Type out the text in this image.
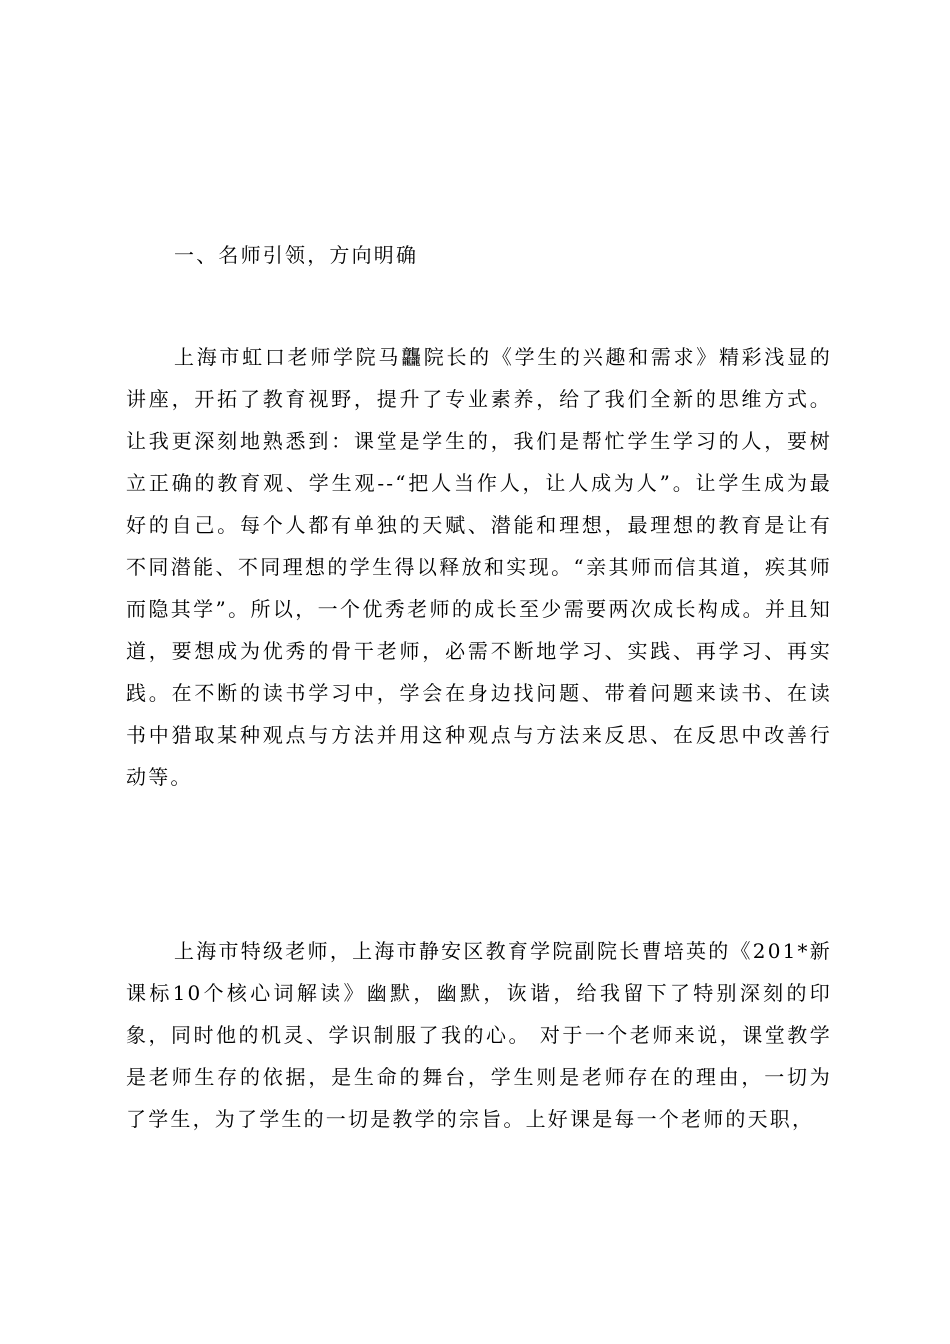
一、名师引领，方向明确
上海市虹口老师学院马龘院长的《学生的兴趣和需求》精彩浅显的讲座，开拓了教育视野，提升了专业素养，给了我们全新的思维方式。让我更深刻地熟悉到：课堂是学生的，我们是帮忙学生学习的人，要树立正确的教育观、学生观--“把人当作人，让人成为人”。让学生成为最好的自己。每个人都有单独的天赋、潜能和理想，最理想的教育是让有不同潜能、不同理想的学生得以释放和实现。“亲其师而信其道，疾其师而隐其学”。所以，一个优秀老师的成长至少需要两次成长构成。并且知道，要想成为优秀的骨干老师，必需不断地学习、实践、再学习、再实践。在不断的读书学习中，学会在身边找问题、带着问题来读书、在读书中猎取某种观点与方法并用这种观点与方法来反思、在反思中改善行动等。
上海市特级老师，上海市静安区教育学院副院长曹培英的《201*新课标10个核心词解读》幽默，幽默，诙谐，给我留下了特别深刻的印象，同时他的机灵、学识制服了我的心。 对于一个老师来说，课堂教学是老师生存的依据，是生命的舞台，学生则是老师存在的理由，一切为了学生，为了学生的一切是教学的宗旨。上好课是每一个老师的天职，
